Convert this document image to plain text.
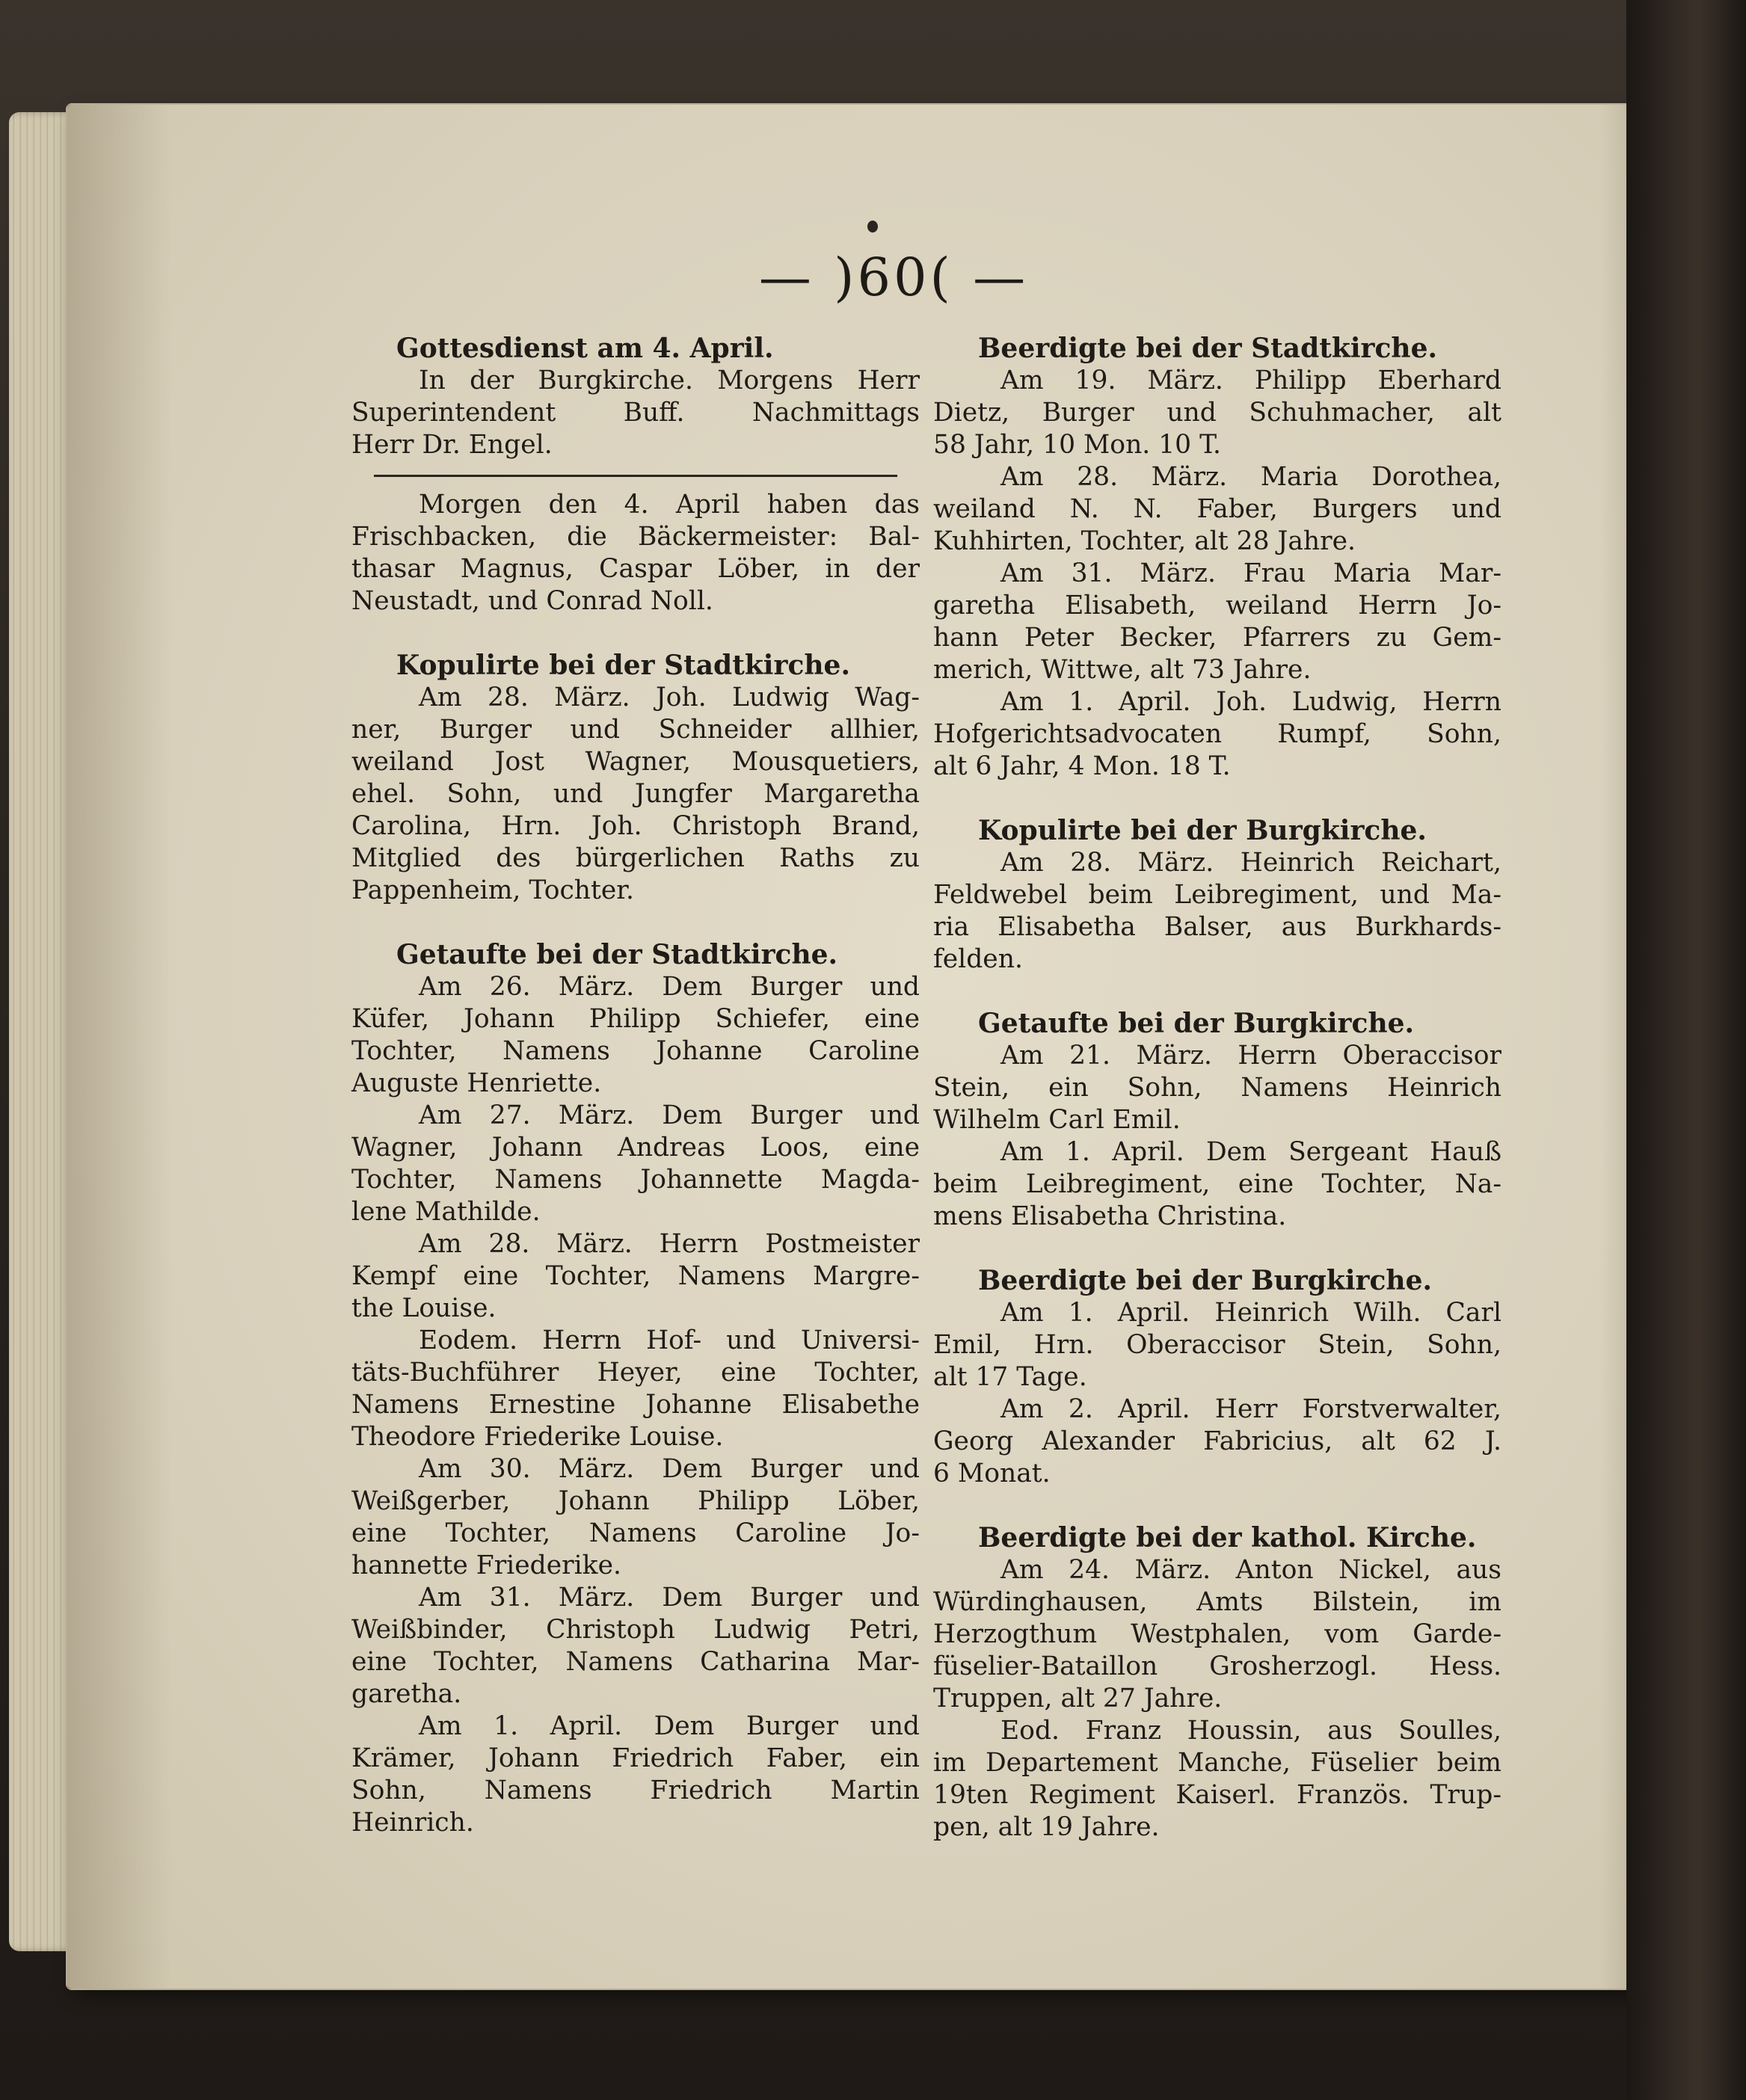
— )60( —
Gottesdienst am 4. April.
In der Burgkirche. Morgens Herr
Superintendent Buff. Nachmittags
Herr Dr. Engel.
Morgen den 4. April haben das
Frischbacken, die Bäckermeister: Bal-
thasar Magnus, Caspar Löber, in der
Neustadt, und Conrad Noll.
Kopulirte bei der Stadtkirche.
Am 28. März. Joh. Ludwig Wag-
ner, Burger und Schneider allhier,
weiland Jost Wagner, Mousquetiers,
ehel. Sohn, und Jungfer Margaretha
Carolina, Hrn. Joh. Christoph Brand,
Mitglied des bürgerlichen Raths zu
Pappenheim, Tochter.
Getaufte bei der Stadtkirche.
Am 26. März. Dem Burger und
Küfer, Johann Philipp Schiefer, eine
Tochter, Namens Johanne Caroline
Auguste Henriette.
Am 27. März. Dem Burger und
Wagner, Johann Andreas Loos, eine
Tochter, Namens Johannette Magda-
lene Mathilde.
Am 28. März. Herrn Postmeister
Kempf eine Tochter, Namens Margre-
the Louise.
Eodem. Herrn Hof- und Universi-
täts-Buchführer Heyer, eine Tochter,
Namens Ernestine Johanne Elisabethe
Theodore Friederike Louise.
Am 30. März. Dem Burger und
Weißgerber, Johann Philipp Löber,
eine Tochter, Namens Caroline Jo-
hannette Friederike.
Am 31. März. Dem Burger und
Weißbinder, Christoph Ludwig Petri,
eine Tochter, Namens Catharina Mar-
garetha.
Am 1. April. Dem Burger und
Krämer, Johann Friedrich Faber, ein
Sohn, Namens Friedrich Martin
Heinrich.
Beerdigte bei der Stadtkirche.
Am 19. März. Philipp Eberhard
Dietz, Burger und Schuhmacher, alt
58 Jahr, 10 Mon. 10 T.
Am 28. März. Maria Dorothea,
weiland N. N. Faber, Burgers und
Kuhhirten, Tochter, alt 28 Jahre.
Am 31. März. Frau Maria Mar-
garetha Elisabeth, weiland Herrn Jo-
hann Peter Becker, Pfarrers zu Gem-
merich, Wittwe, alt 73 Jahre.
Am 1. April. Joh. Ludwig, Herrn
Hofgerichtsadvocaten Rumpf, Sohn,
alt 6 Jahr, 4 Mon. 18 T.
Kopulirte bei der Burgkirche.
Am 28. März. Heinrich Reichart,
Feldwebel beim Leibregiment, und Ma-
ria Elisabetha Balser, aus Burkhards-
felden.
Getaufte bei der Burgkirche.
Am 21. März. Herrn Oberaccisor
Stein, ein Sohn, Namens Heinrich
Wilhelm Carl Emil.
Am 1. April. Dem Sergeant Hauß
beim Leibregiment, eine Tochter, Na-
mens Elisabetha Christina.
Beerdigte bei der Burgkirche.
Am 1. April. Heinrich Wilh. Carl
Emil, Hrn. Oberaccisor Stein, Sohn,
alt 17 Tage.
Am 2. April. Herr Forstverwalter,
Georg Alexander Fabricius, alt 62 J.
6 Monat.
Beerdigte bei der kathol. Kirche.
Am 24. März. Anton Nickel, aus
Würdinghausen, Amts Bilstein, im
Herzogthum Westphalen, vom Garde-
füselier-Bataillon Grosherzogl. Hess.
Truppen, alt 27 Jahre.
Eod. Franz Houssin, aus Soulles,
im Departement Manche, Füselier beim
19ten Regiment Kaiserl. Französ. Trup-
pen, alt 19 Jahre.
